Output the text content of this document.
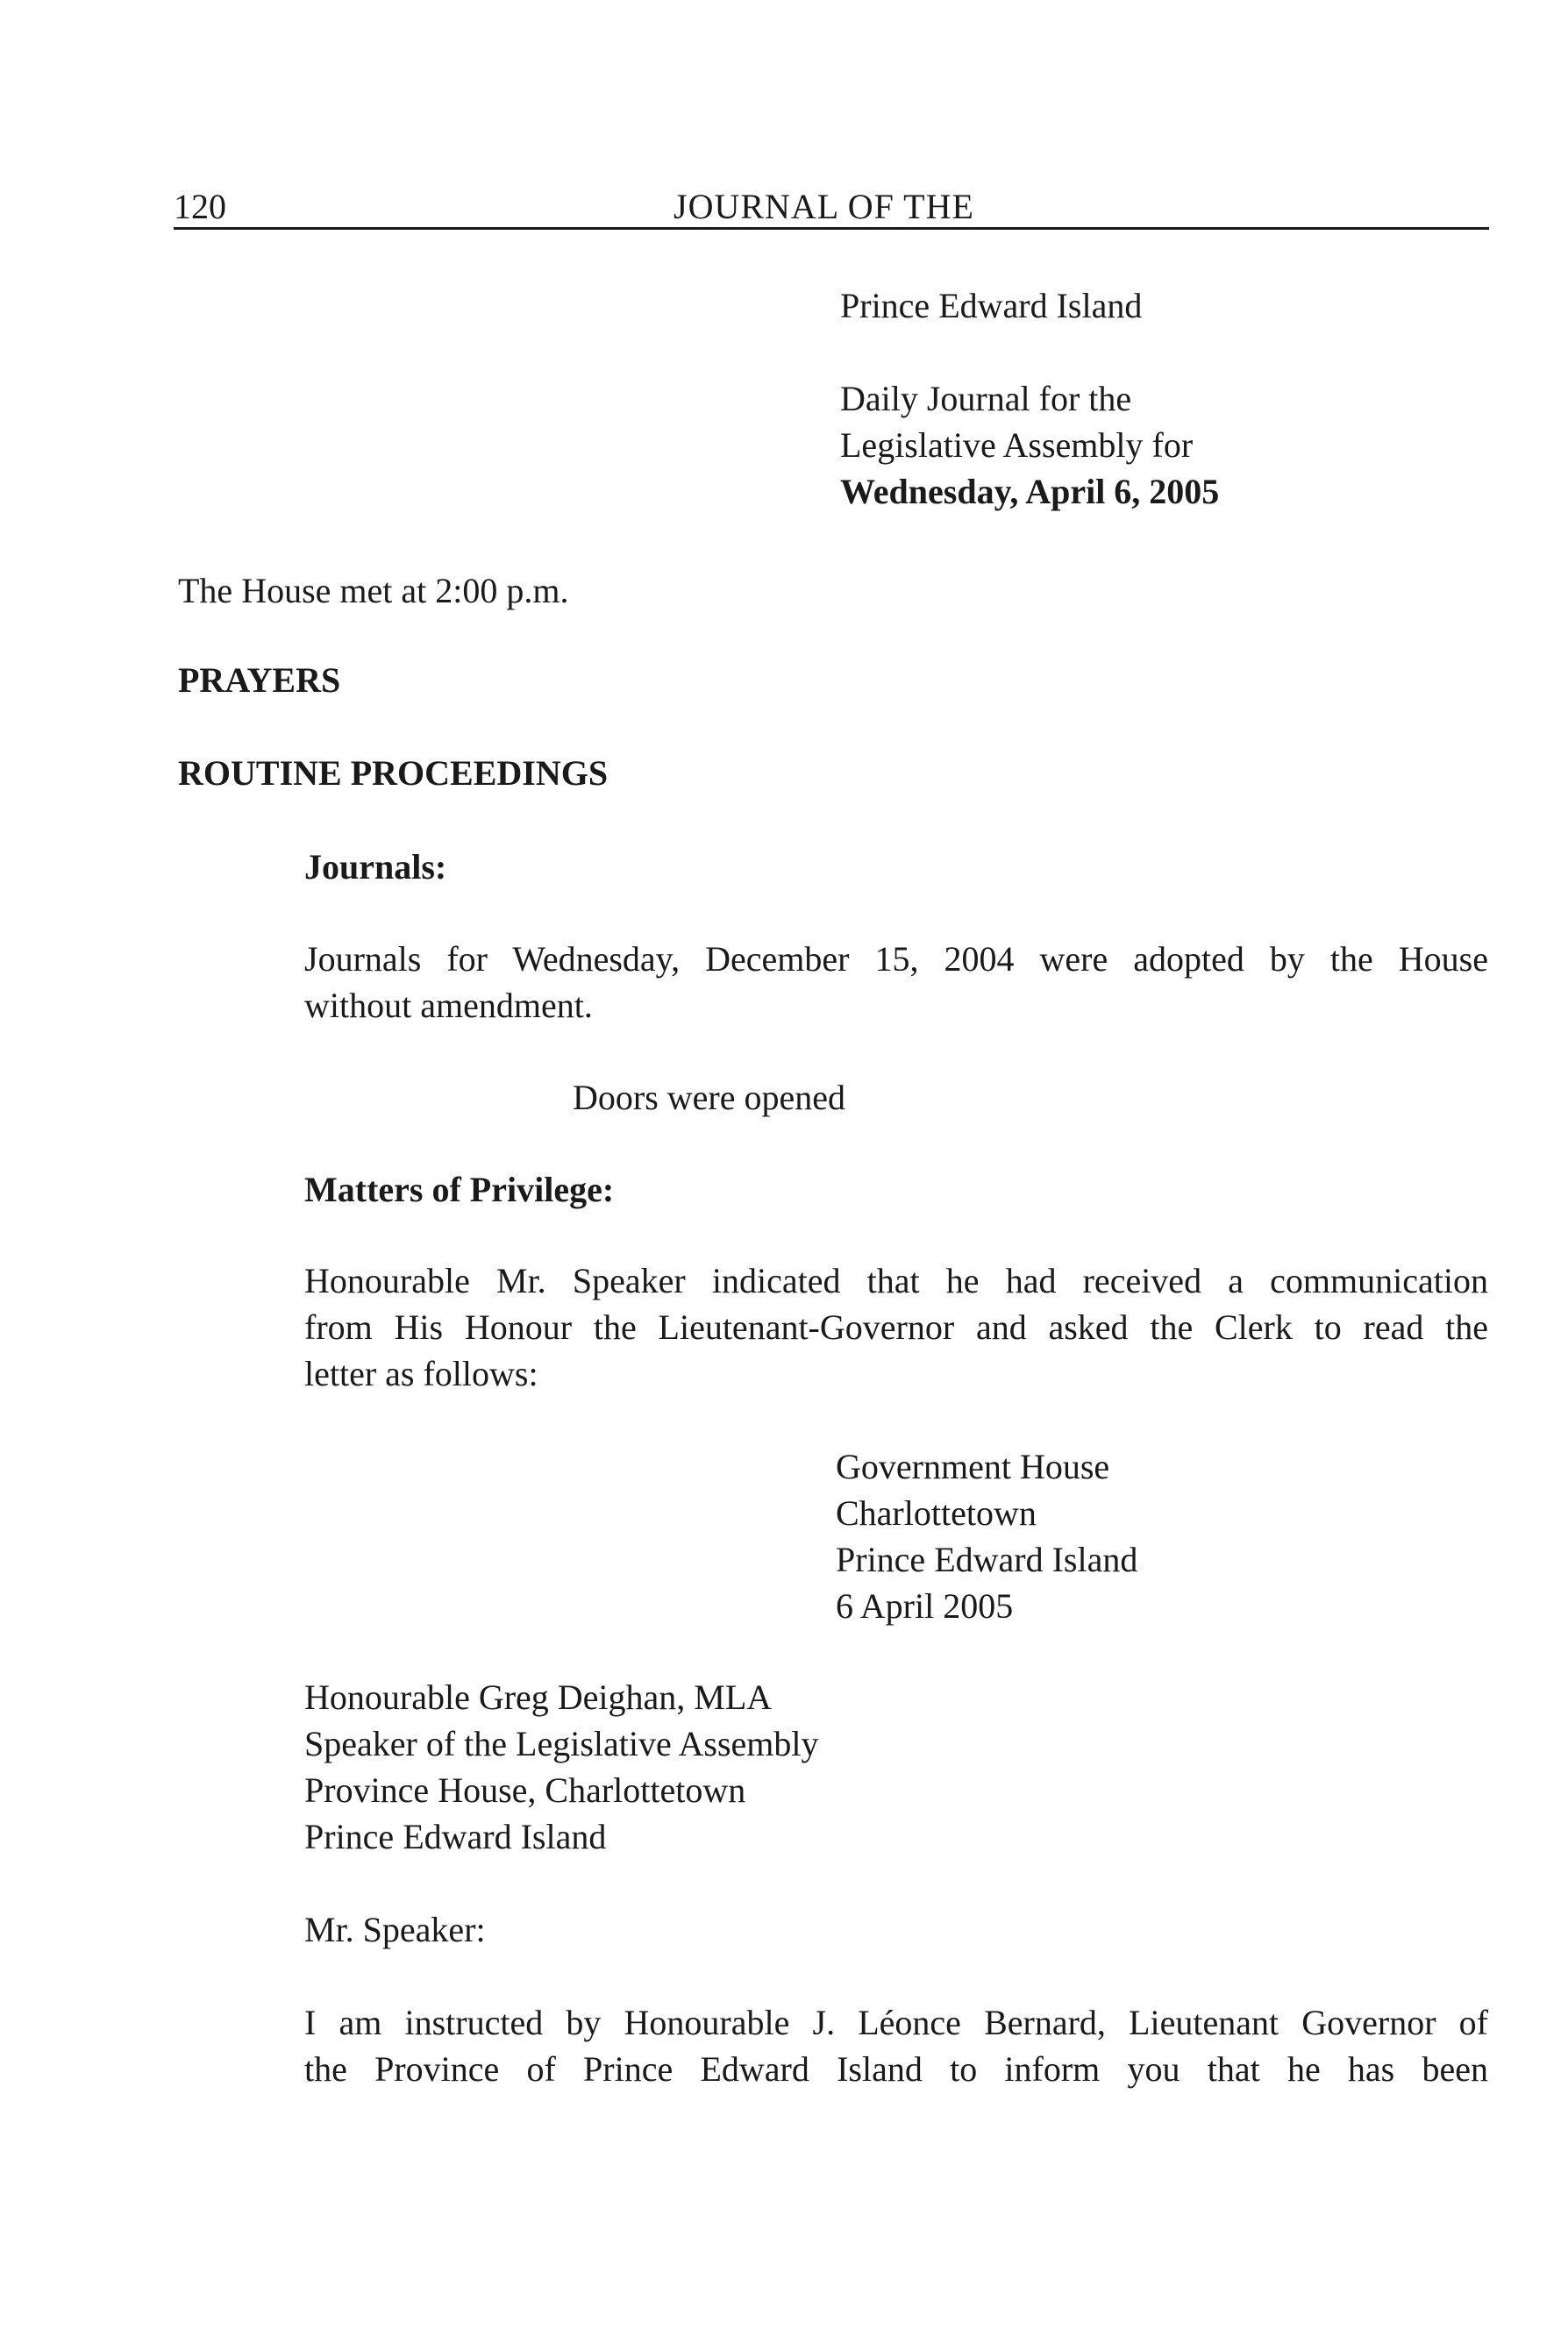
120	JOURNAL OF THE
Prince Edward Island
Daily Journal for the
Legislative Assembly for
Wednesday, April 6, 2005
The House met at 2:00 p.m.
PRAYERS
ROUTINE PROCEEDINGS
Journals:
Journals for Wednesday, December 15, 2004 were adopted by the House
without amendment.
Doors were opened
Matters of Privilege:
Honourable Mr. Speaker indicated that he had received a communication
from His Honour the Lieutenant-Governor and asked the Clerk to read the
letter as follows:
Government House
Charlottetown
Prince Edward Island
6 April 2005
Honourable Greg Deighan, MLA
Speaker of the Legislative Assembly
Province House, Charlottetown
Prince Edward Island
Mr. Speaker:
I am instructed by Honourable J. Léonce Bernard, Lieutenant Governor of
the Province of Prince Edward Island to inform you that he has been
